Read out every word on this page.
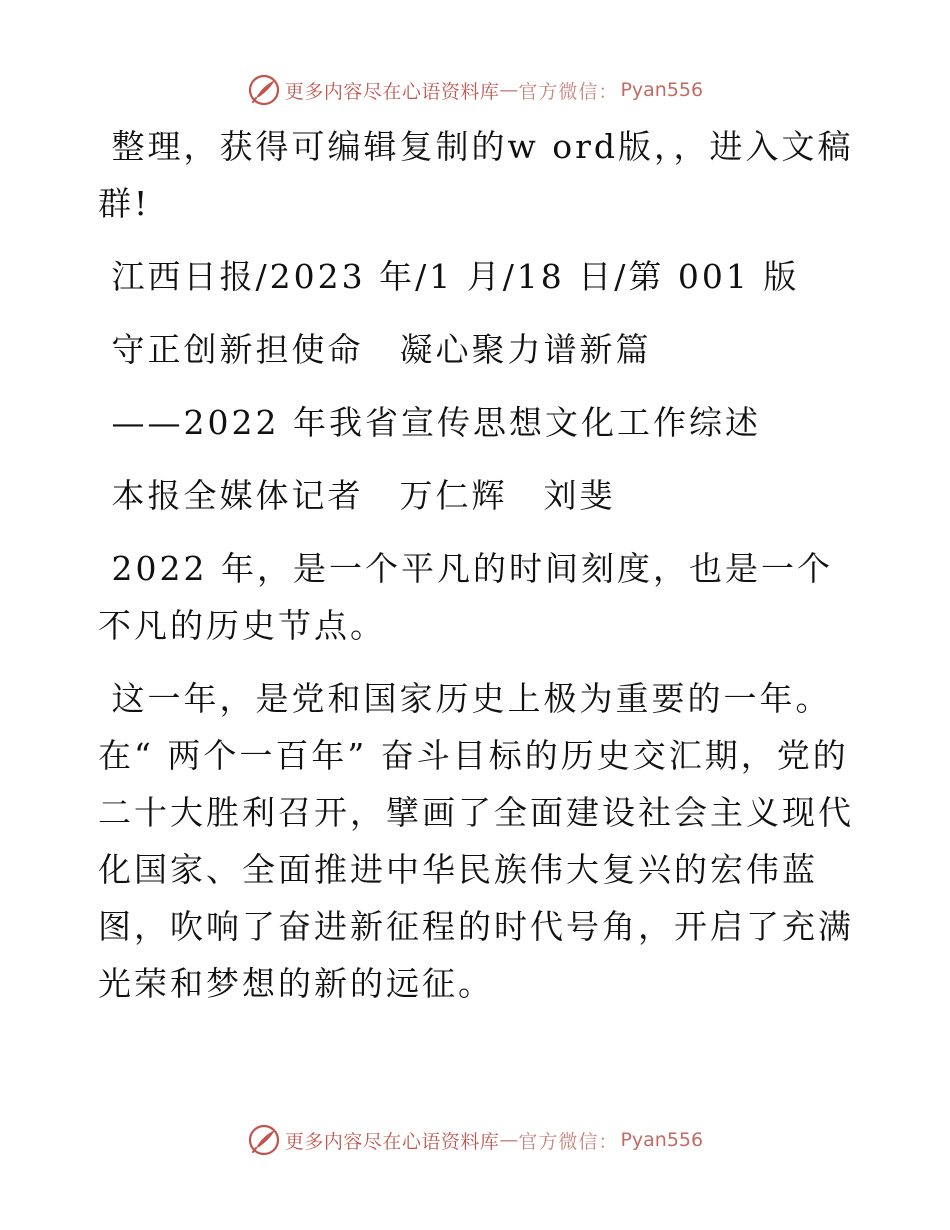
更多内容尽在心语资料库 — 官方微信： Pyan556

整理，获得可编辑复制的w ord版，，进入文稿群!

江西日报/2023 年/1 月/18 日/第 001 版

守正创新担使命　凝心聚力谱新篇

——2022 年我省宣传思想文化工作综述

本报全媒体记者　万仁辉　刘斐

2022 年，是一个平凡的时间刻度，也是一个不凡的历史节点。

这一年，是党和国家历史上极为重要的一年。

在“ 两个一百年” 奋斗目标的历史交汇期，党的二十大胜利召开，擘画了全面建设社会主义现代化国家、全面推进中华民族伟大复兴的宏伟蓝图，吹响了奋进新征程的时代号角，开启了充满光荣和梦想的新的远征。

更多内容尽在心语资料库 — 官方微信： Pyan556
